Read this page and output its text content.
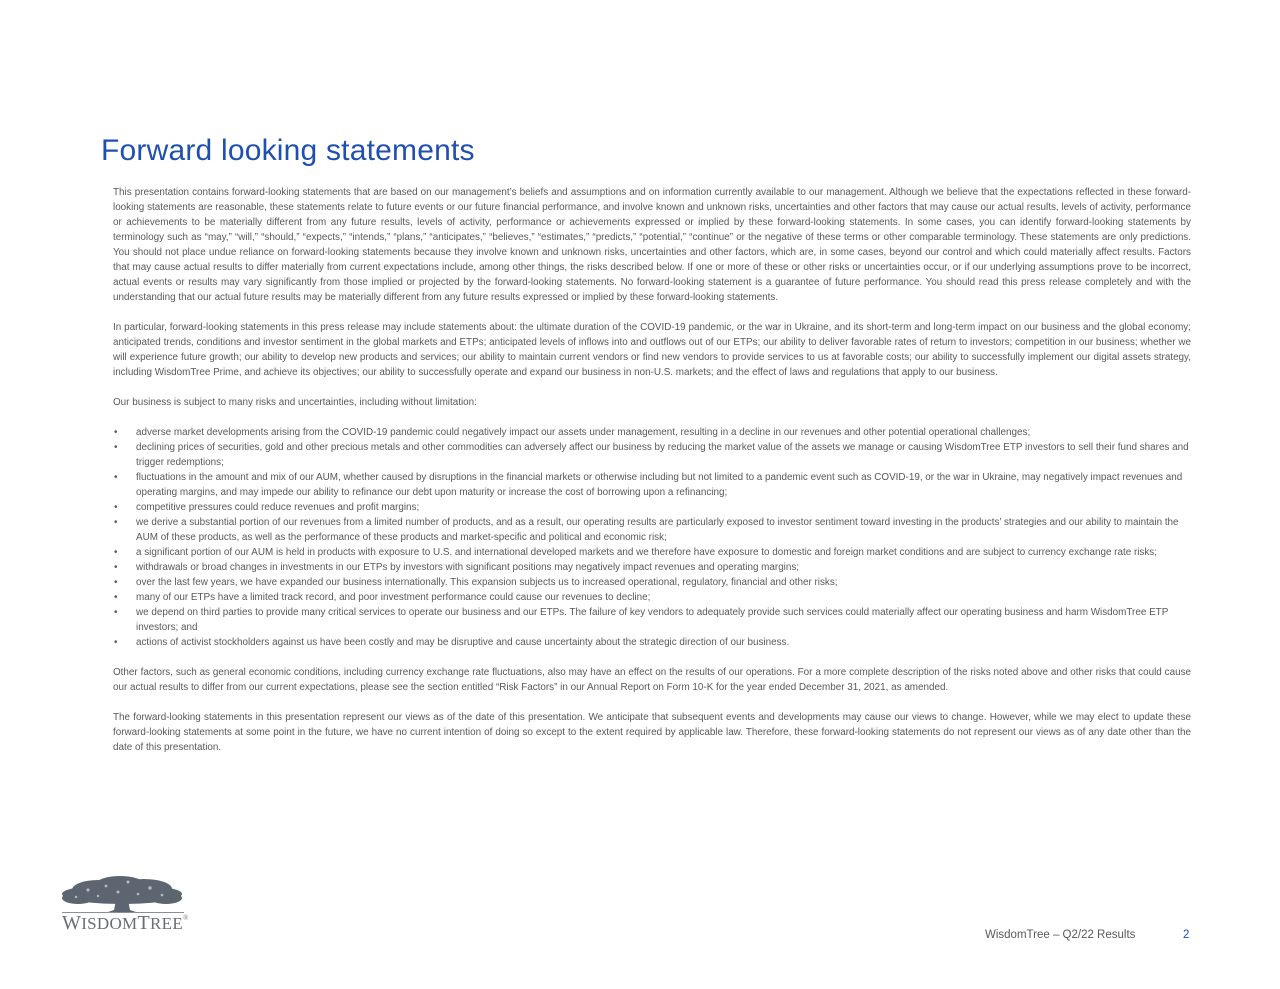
Forward looking statements

This presentation contains forward-looking statements that are based on our management’s beliefs and assumptions and on information currently available to our management. Although we believe that the expectations reflected in these forward-looking statements are reasonable, these statements relate to future events or our future financial performance, and involve known and unknown risks, uncertainties and other factors that may cause our actual results, levels of activity, performance or achievements to be materially different from any future results, levels of activity, performance or achievements expressed or implied by these forward-looking statements. In some cases, you can identify forward-looking statements by terminology such as “may,” “will,” “should,” “expects,” “intends,” “plans,” “anticipates,” “believes,” “estimates,” “predicts,” “potential,” “continue” or the negative of these terms or other comparable terminology. These statements are only predictions. You should not place undue reliance on forward-looking statements because they involve known and unknown risks, uncertainties and other factors, which are, in some cases, beyond our control and which could materially affect results. Factors that may cause actual results to differ materially from current expectations include, among other things, the risks described below. If one or more of these or other risks or uncertainties occur, or if our underlying assumptions prove to be incorrect, actual events or results may vary significantly from those implied or projected by the forward-looking statements. No forward-looking statement is a guarantee of future performance. You should read this press release completely and with the understanding that our actual future results may be materially different from any future results expressed or implied by these forward-looking statements.

In particular, forward-looking statements in this press release may include statements about: the ultimate duration of the COVID-19 pandemic, or the war in Ukraine, and its short-term and long-term impact on our business and the global economy; anticipated trends, conditions and investor sentiment in the global markets and ETPs; anticipated levels of inflows into and outflows out of our ETPs; our ability to deliver favorable rates of return to investors; competition in our business; whether we will experience future growth; our ability to develop new products and services; our ability to maintain current vendors or find new vendors to provide services to us at favorable costs; our ability to successfully implement our digital assets strategy, including WisdomTree Prime, and achieve its objectives; our ability to successfully operate and expand our business in non-U.S. markets; and the effect of laws and regulations that apply to our business.

Our business is subject to many risks and uncertainties, including without limitation:

• adverse market developments arising from the COVID-19 pandemic could negatively impact our assets under management, resulting in a decline in our revenues and other potential operational challenges;
• declining prices of securities, gold and other precious metals and other commodities can adversely affect our business by reducing the market value of the assets we manage or causing WisdomTree ETP investors to sell their fund shares and trigger redemptions;
• fluctuations in the amount and mix of our AUM, whether caused by disruptions in the financial markets or otherwise including but not limited to a pandemic event such as COVID-19, or the war in Ukraine, may negatively impact revenues and operating margins, and may impede our ability to refinance our debt upon maturity or increase the cost of borrowing upon a refinancing;
• competitive pressures could reduce revenues and profit margins;
• we derive a substantial portion of our revenues from a limited number of products, and as a result, our operating results are particularly exposed to investor sentiment toward investing in the products’ strategies and our ability to maintain the AUM of these products, as well as the performance of these products and market-specific and political and economic risk;
• a significant portion of our AUM is held in products with exposure to U.S. and international developed markets and we therefore have exposure to domestic and foreign market conditions and are subject to currency exchange rate risks;
• withdrawals or broad changes in investments in our ETPs by investors with significant positions may negatively impact revenues and operating margins;
• over the last few years, we have expanded our business internationally. This expansion subjects us to increased operational, regulatory, financial and other risks;
• many of our ETPs have a limited track record, and poor investment performance could cause our revenues to decline;
• we depend on third parties to provide many critical services to operate our business and our ETPs. The failure of key vendors to adequately provide such services could materially affect our operating business and harm WisdomTree ETP investors; and
• actions of activist stockholders against us have been costly and may be disruptive and cause uncertainty about the strategic direction of our business.

Other factors, such as general economic conditions, including currency exchange rate fluctuations, also may have an effect on the results of our operations. For a more complete description of the risks noted above and other risks that could cause our actual results to differ from our current expectations, please see the section entitled “Risk Factors” in our Annual Report on Form 10-K for the year ended December 31, 2021, as amended.

The forward-looking statements in this presentation represent our views as of the date of this presentation. We anticipate that subsequent events and developments may cause our views to change. However, while we may elect to update these forward-looking statements at some point in the future, we have no current intention of doing so except to the extent required by applicable law. Therefore, these forward-looking statements do not represent our views as of any date other than the date of this presentation.

WISDOMTREE®
WisdomTree – Q2/22 Results	2
